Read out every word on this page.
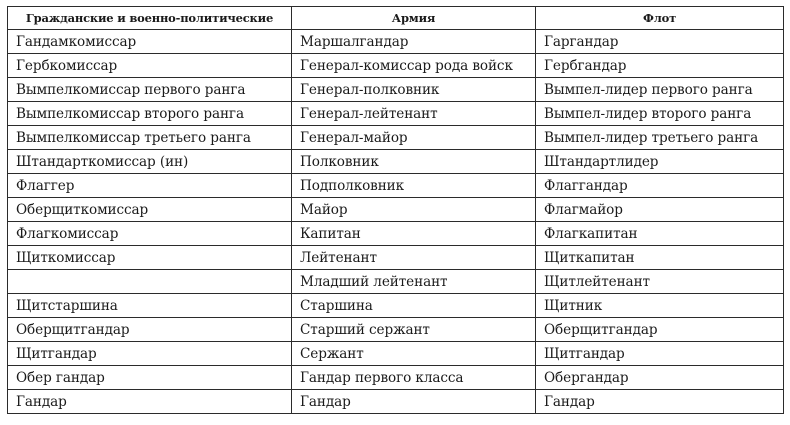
Гражданские и военно-политические	Армия	Флот
Гандамкомиссар	Маршалгандар	Гаргандар
Гербкомиссар	Генерал-комиссар рода войск	Гербгандар
Вымпелкомиссар первого ранга	Генерал-полковник	Вымпел-лидер первого ранга
Вымпелкомиссар второго ранга	Генерал-лейтенант	Вымпел-лидер второго ранга
Вымпелкомиссар третьего ранга	Генерал-майор	Вымпел-лидер третьего ранга
Штандарткомиссар (ин)	Полковник	Штандартлидер
Флаггер	Подполковник	Флаггандар
Оберщиткомиссар	Майор	Флагмайор
Флагкомиссар	Капитан	Флагкапитан
Щиткомиссар	Лейтенант	Щиткапитан
	Младший лейтенант	Щитлейтенант
Щитстаршина	Старшина	Щитник
Оберщитгандар	Старший сержант	Оберщитгандар
Щитгандар	Сержант	Щитгандар
Обер гандар	Гандар первого класса	Обергандар
Гандар	Гандар	Гандар
